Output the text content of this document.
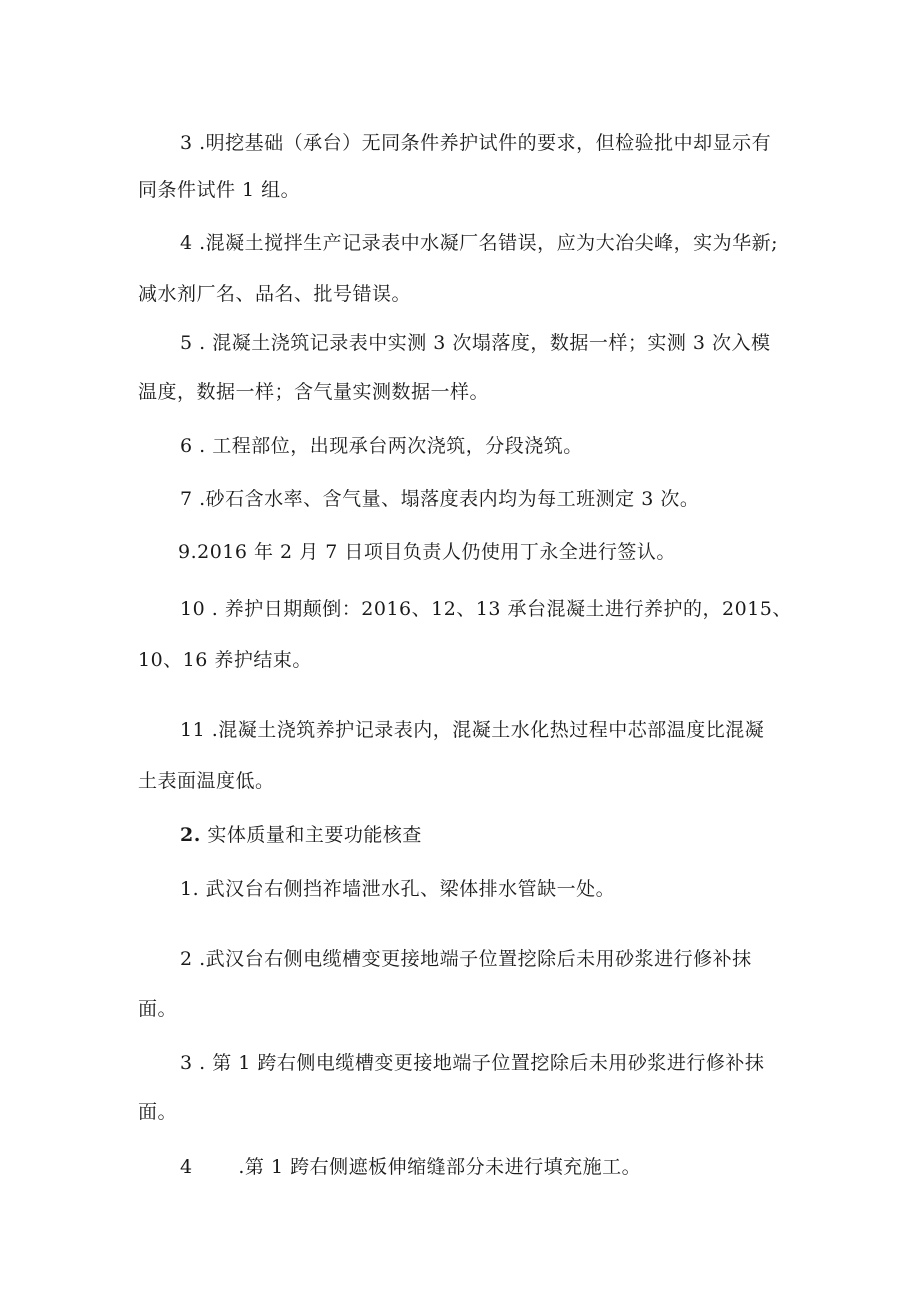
3 .明挖基础（承台）无同条件养护试件的要求，但检验批中却显示有
同条件试件 1 组。
4 .混凝土搅拌生产记录表中水凝厂名错误，应为大冶尖峰，实为华新;
减水剂厂名、品名、批号错误。
5 . 混凝土浇筑记录表中实测 3 次塌落度，数据一样；实测 3 次入模
温度，数据一样；含气量实测数据一样。
6 . 工程部位，出现承台两次浇筑，分段浇筑。
7 .砂石含水率、含气量、塌落度表内均为每工班测定 3 次。
9.2016 年 2 月 7 日项目负责人仍使用丁永全进行签认。
10 . 养护日期颠倒：2016、12、13 承台混凝土进行养护的，2015、
10、16 养护结束。
11 .混凝土浇筑养护记录表内，混凝土水化热过程中芯部温度比混凝
土表面温度低。
2. 实体质量和主要功能核查
1. 武汉台右侧挡祚墙泄水孔、梁体排水管缺一处。
2 .武汉台右侧电缆槽变更接地端子位置挖除后未用砂浆进行修补抹
面。
3 . 第 1 跨右侧电缆槽变更接地端子位置挖除后未用砂浆进行修补抹
面。
4       .第 1 跨右侧遮板伸缩缝部分未进行填充施工。
